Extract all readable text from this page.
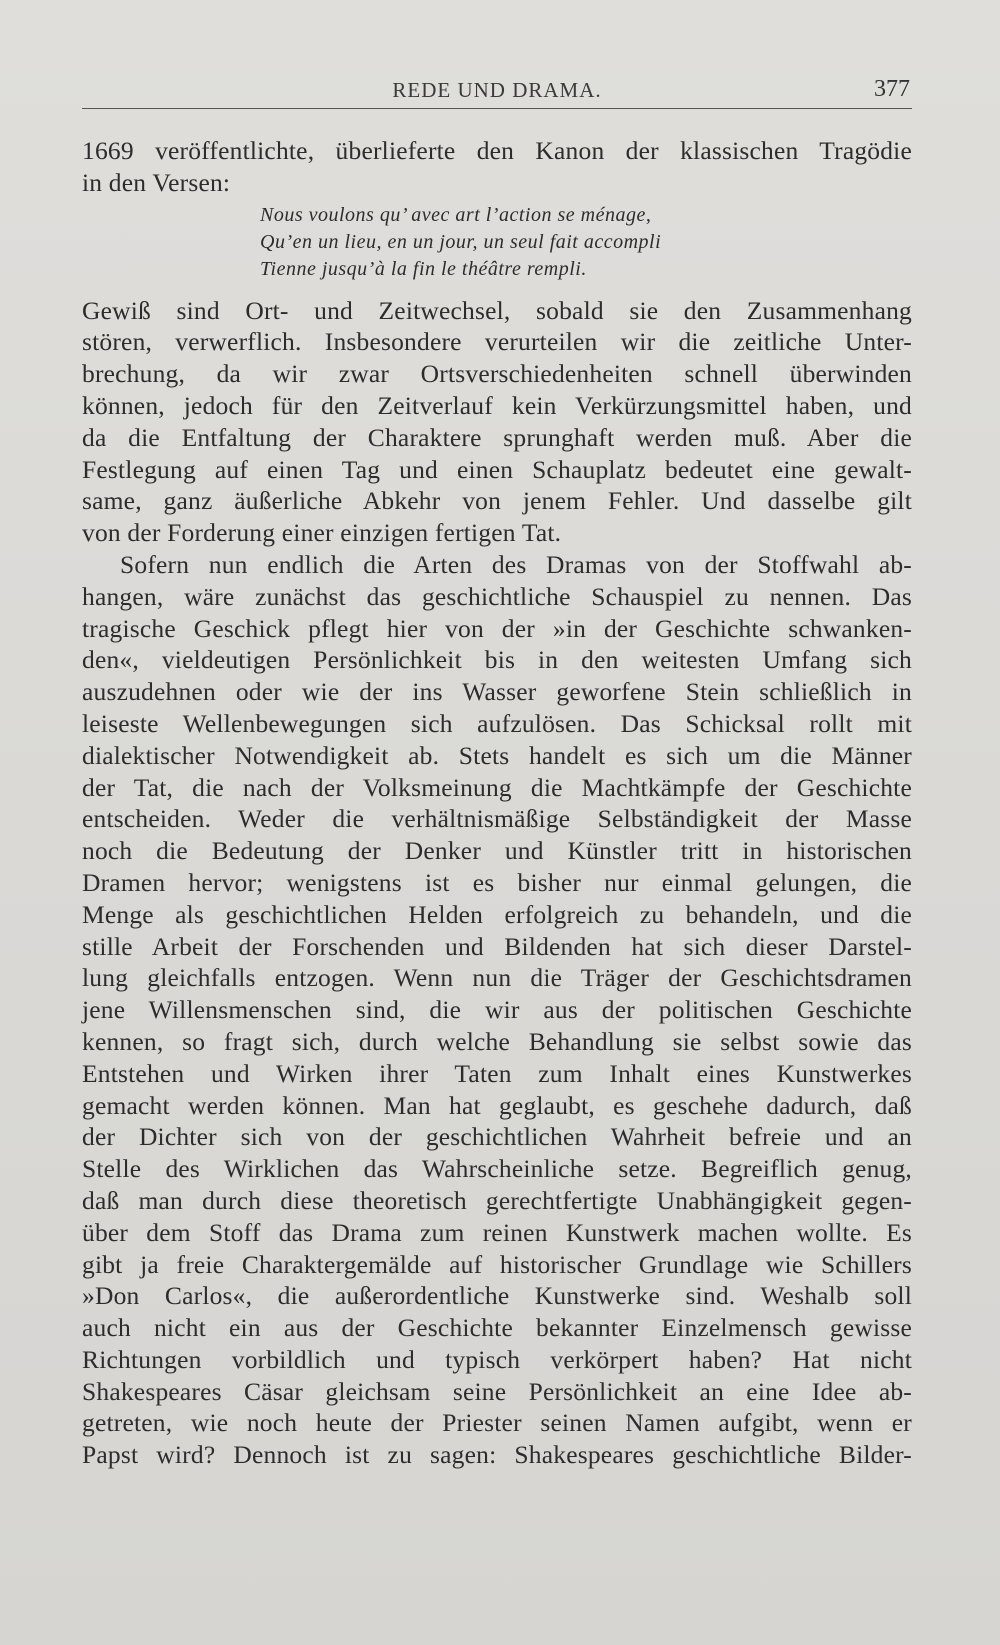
REDE UND DRAMA.	377
1669 veröffentlichte, überlieferte den Kanon der klassischen Tragödie
in den Versen:
Nous voulons qu’ avec art l’action se ménage,
Qu’en un lieu, en un jour, un seul fait accompli
Tienne jusqu’à la fin le théâtre rempli.
Gewiß sind Ort- und Zeitwechsel, sobald sie den Zusammenhang
stören, verwerflich. Insbesondere verurteilen wir die zeitliche Unter-
brechung, da wir zwar Ortsverschiedenheiten schnell überwinden
können, jedoch für den Zeitverlauf kein Verkürzungsmittel haben, und
da die Entfaltung der Charaktere sprunghaft werden muß. Aber die
Festlegung auf einen Tag und einen Schauplatz bedeutet eine gewalt-
same, ganz äußerliche Abkehr von jenem Fehler. Und dasselbe gilt
von der Forderung einer einzigen fertigen Tat.
Sofern nun endlich die Arten des Dramas von der Stoffwahl ab-
hangen, wäre zunächst das geschichtliche Schauspiel zu nennen. Das
tragische Geschick pflegt hier von der »in der Geschichte schwanken-
den«, vieldeutigen Persönlichkeit bis in den weitesten Umfang sich
auszudehnen oder wie der ins Wasser geworfene Stein schließlich in
leiseste Wellenbewegungen sich aufzulösen. Das Schicksal rollt mit
dialektischer Notwendigkeit ab. Stets handelt es sich um die Männer
der Tat, die nach der Volksmeinung die Machtkämpfe der Geschichte
entscheiden. Weder die verhältnismäßige Selbständigkeit der Masse
noch die Bedeutung der Denker und Künstler tritt in historischen
Dramen hervor; wenigstens ist es bisher nur einmal gelungen, die
Menge als geschichtlichen Helden erfolgreich zu behandeln, und die
stille Arbeit der Forschenden und Bildenden hat sich dieser Darstel-
lung gleichfalls entzogen. Wenn nun die Träger der Geschichtsdramen
jene Willensmenschen sind, die wir aus der politischen Geschichte
kennen, so fragt sich, durch welche Behandlung sie selbst sowie das
Entstehen und Wirken ihrer Taten zum Inhalt eines Kunstwerkes
gemacht werden können. Man hat geglaubt, es geschehe dadurch, daß
der Dichter sich von der geschichtlichen Wahrheit befreie und an
Stelle des Wirklichen das Wahrscheinliche setze. Begreiflich genug,
daß man durch diese theoretisch gerechtfertigte Unabhängigkeit gegen-
über dem Stoff das Drama zum reinen Kunstwerk machen wollte. Es
gibt ja freie Charaktergemälde auf historischer Grundlage wie Schillers
»Don Carlos«, die außerordentliche Kunstwerke sind. Weshalb soll
auch nicht ein aus der Geschichte bekannter Einzelmensch gewisse
Richtungen vorbildlich und typisch verkörpert haben? Hat nicht
Shakespeares Cäsar gleichsam seine Persönlichkeit an eine Idee ab-
getreten, wie noch heute der Priester seinen Namen aufgibt, wenn er
Papst wird? Dennoch ist zu sagen: Shakespeares geschichtliche Bilder-
